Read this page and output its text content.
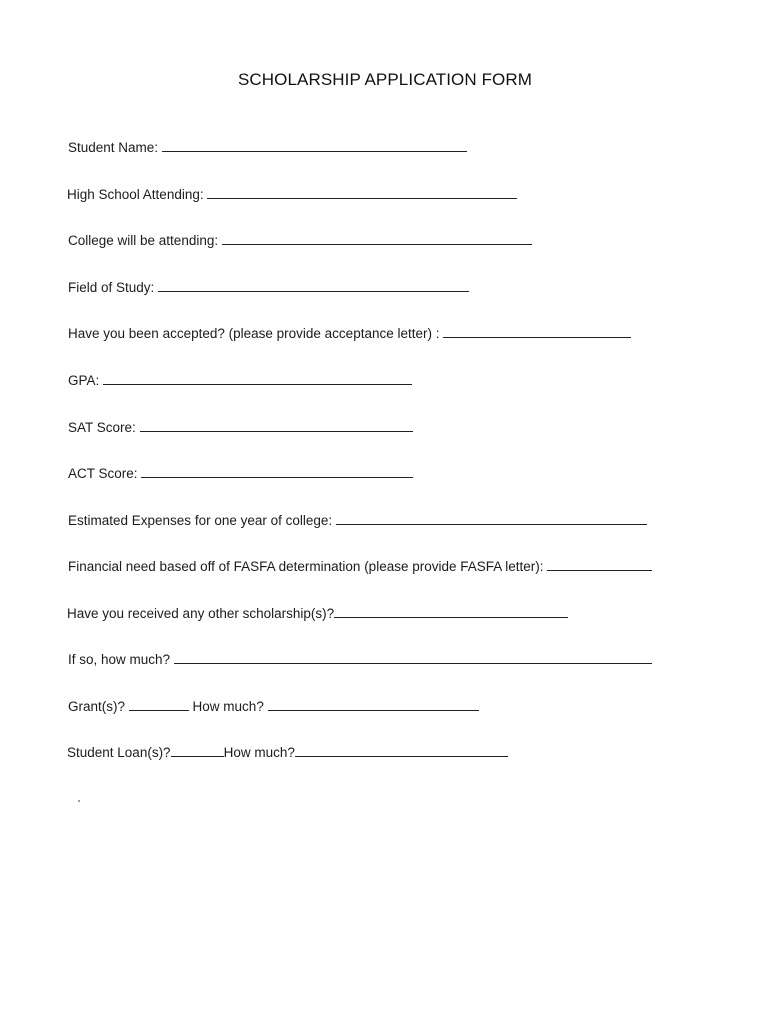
SCHOLARSHIP APPLICATION FORM
Student Name:
High School Attending:
College will be attending:
Field of Study:
Have you been accepted? (please provide acceptance letter) :
GPA:
SAT Score:
ACT Score:
Estimated Expenses for one year of college:
Financial need based off of FASFA determination (please provide FASFA letter):
Have you received any other scholarship(s)?
If so, how much?
Grant(s)?	How much?
Student Loan(s)?	How much?
